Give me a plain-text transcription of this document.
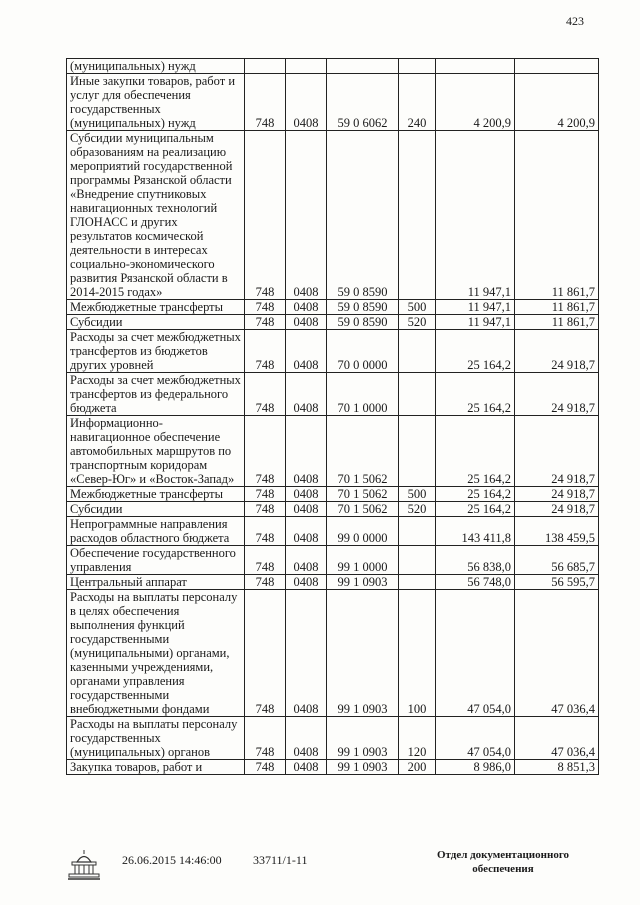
423
(муниципальных) нужд						
Иные закупки товаров, работ и услуг для обеспечения государственных (муниципальных) нужд	748	0408	59 0 6062	240	4 200,9	4 200,9
Субсидии муниципальным образованиям на реализацию мероприятий государственной программы Рязанской области «Внедрение спутниковых навигационных технологий ГЛОНАСС и других результатов космической деятельности в интересах социально-экономического развития Рязанской области в 2014-2015 годах»	748	0408	59 0 8590		11 947,1	11 861,7
Межбюджетные трансферты	748	0408	59 0 8590	500	11 947,1	11 861,7
Субсидии	748	0408	59 0 8590	520	11 947,1	11 861,7
Расходы за счет межбюджетных трансфертов из бюджетов других уровней	748	0408	70 0 0000		25 164,2	24 918,7
Расходы за счет межбюджетных трансфертов из федерального бюджета	748	0408	70 1 0000		25 164,2	24 918,7
Информационно-навигационное обеспечение автомобильных маршрутов по транспортным коридорам «Север-Юг» и «Восток-Запад»	748	0408	70 1 5062		25 164,2	24 918,7
Межбюджетные трансферты	748	0408	70 1 5062	500	25 164,2	24 918,7
Субсидии	748	0408	70 1 5062	520	25 164,2	24 918,7
Непрограммные направления расходов областного бюджета	748	0408	99 0 0000		143 411,8	138 459,5
Обеспечение государственного управления	748	0408	99 1 0000		56 838,0	56 685,7
Центральный аппарат	748	0408	99 1 0903		56 748,0	56 595,7
Расходы на выплаты персоналу в целях обеспечения выполнения функций государственными (муниципальными) органами, казенными учреждениями, органами управления государственными внебюджетными фондами	748	0408	99 1 0903	100	47 054,0	47 036,4
Расходы на выплаты персоналу государственных (муниципальных) органов	748	0408	99 1 0903	120	47 054,0	47 036,4
Закупка товаров, работ и	748	0408	99 1 0903	200	8 986,0	8 851,3
26.06.2015 14:46:00	33711/1-11	Отдел документационного
обеспечения
